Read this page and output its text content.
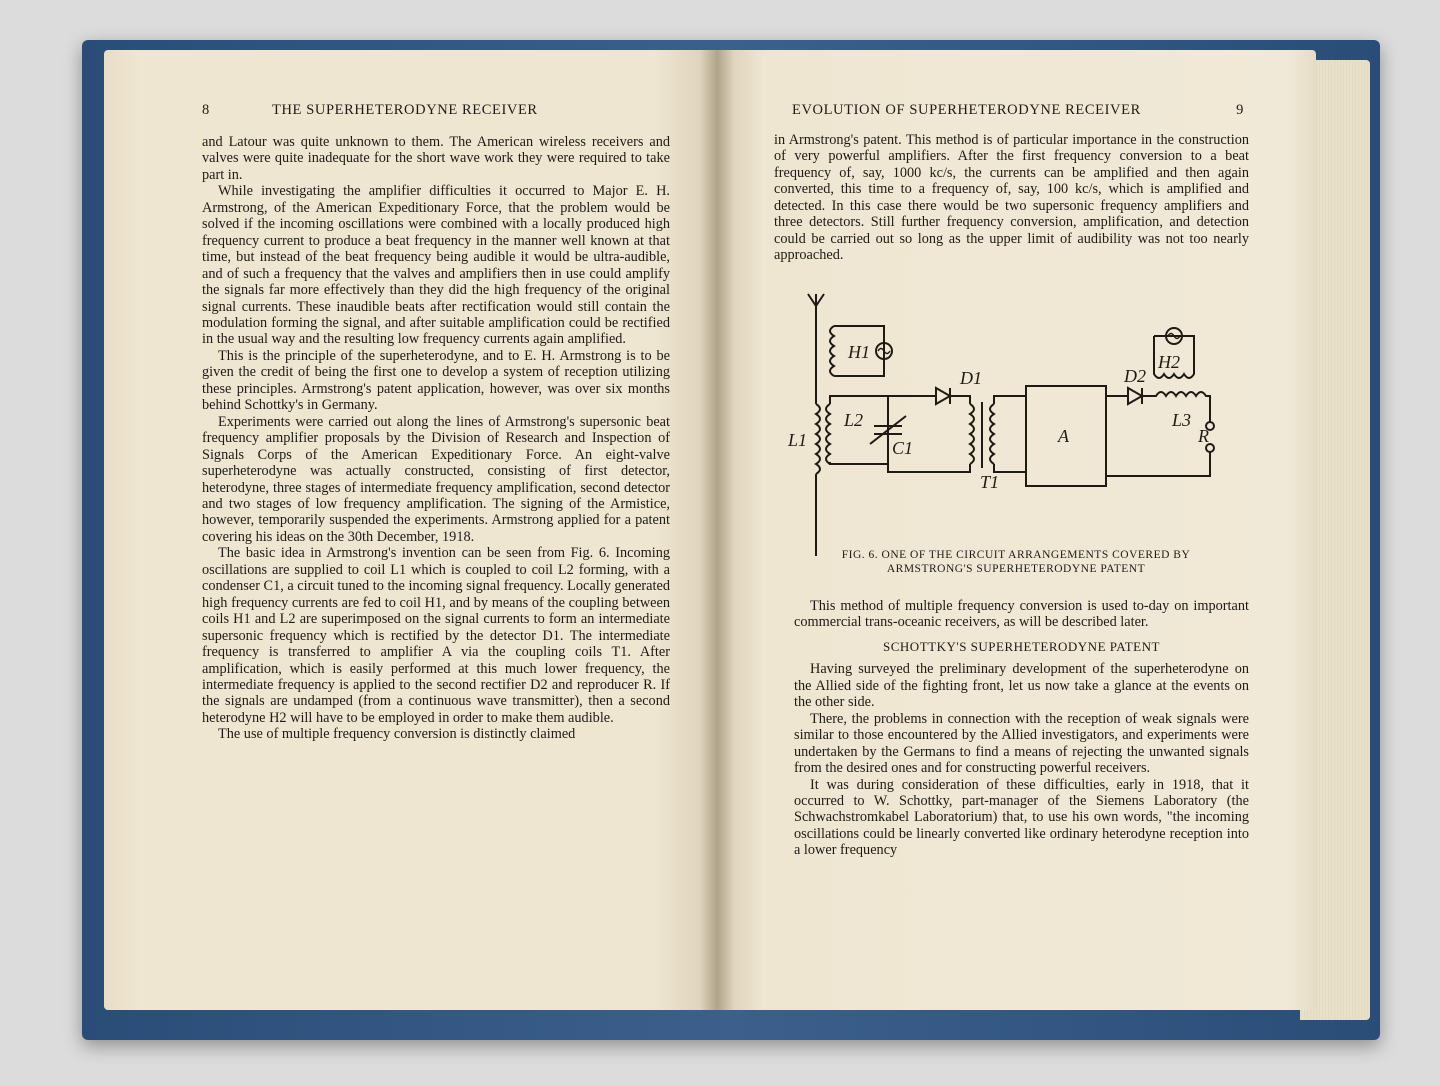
8	THE SUPERHETERODYNE RECEIVER

and Latour was quite unknown to them. The American wireless receivers and valves were quite inadequate for the short wave work they were required to take part in.

While investigating the amplifier difficulties it occurred to Major E. H. Armstrong, of the American Expeditionary Force, that the problem would be solved if the incoming oscillations were combined with a locally produced high frequency current to produce a beat frequency in the manner well known at that time, but instead of the beat frequency being audible it would be ultra-audible, and of such a frequency that the valves and amplifiers then in use could amplify the signals far more effectively than they did the high frequency of the original signal currents. These inaudible beats after rectification would still contain the modulation forming the signal, and after suitable amplification could be rectified in the usual way and the resulting low frequency currents again amplified.

This is the principle of the superheterodyne, and to E. H. Armstrong is to be given the credit of being the first one to develop a system of reception utilizing these principles. Armstrong's patent application, however, was over six months behind Schottky's in Germany.

Experiments were carried out along the lines of Armstrong's supersonic beat frequency amplifier proposals by the Division of Research and Inspection of Signals Corps of the American Expeditionary Force. An eight-valve superheterodyne was actually constructed, consisting of first detector, heterodyne, three stages of intermediate frequency amplification, second detector and two stages of low frequency amplification. The signing of the Armistice, however, temporarily suspended the experiments. Armstrong applied for a patent covering his ideas on the 30th December, 1918.

The basic idea in Armstrong's invention can be seen from Fig. 6. Incoming oscillations are supplied to coil L1 which is coupled to coil L2 forming, with a condenser C1, a circuit tuned to the incoming signal frequency. Locally generated high frequency currents are fed to coil H1, and by means of the coupling between coils H1 and L2 are superimposed on the signal currents to form an intermediate supersonic frequency which is rectified by the detector D1. The intermediate frequency is transferred to amplifier A via the coupling coils T1. After amplification, which is easily performed at this much lower frequency, the intermediate frequency is applied to the second rectifier D2 and reproducer R. If the signals are undamped (from a continuous wave transmitter), then a second heterodyne H2 will have to be employed in order to make them audible.

The use of multiple frequency conversion is distinctly claimed

EVOLUTION OF SUPERHETERODYNE RECEIVER	9

in Armstrong's patent. This method is of particular importance in the construction of very powerful amplifiers. After the first frequency conversion to a beat frequency of, say, 1000 kc/s, the currents can be amplified and then again converted, this time to a frequency of, say, 100 kc/s, which is amplified and detected. In this case there would be two supersonic frequency amplifiers and three detectors. Still further frequency conversion, amplification, and detection could be carried out so long as the upper limit of audibility was not too nearly approached.

H1	H2
L1
L2	L3
C1
D1	D2
T1
A	R
FIG. 6. ONE OF THE CIRCUIT ARRANGEMENTS COVERED BY
ARMSTRONG'S SUPERHETERODYNE PATENT

This method of multiple frequency conversion is used to-day on important commercial trans-oceanic receivers, as will be described later.

SCHOTTKY'S SUPERHETERODYNE PATENT

Having surveyed the preliminary development of the superheterodyne on the Allied side of the fighting front, let us now take a glance at the events on the other side.

There, the problems in connection with the reception of weak signals were similar to those encountered by the Allied investigators, and experiments were undertaken by the Germans to find a means of rejecting the unwanted signals from the desired ones and for constructing powerful receivers.

It was during consideration of these difficulties, early in 1918, that it occurred to W. Schottky, part-manager of the Siemens Laboratory (the Schwachstromkabel Laboratorium) that, to use his own words, "the incoming oscillations could be linearly converted like ordinary heterodyne reception into a lower frequency
